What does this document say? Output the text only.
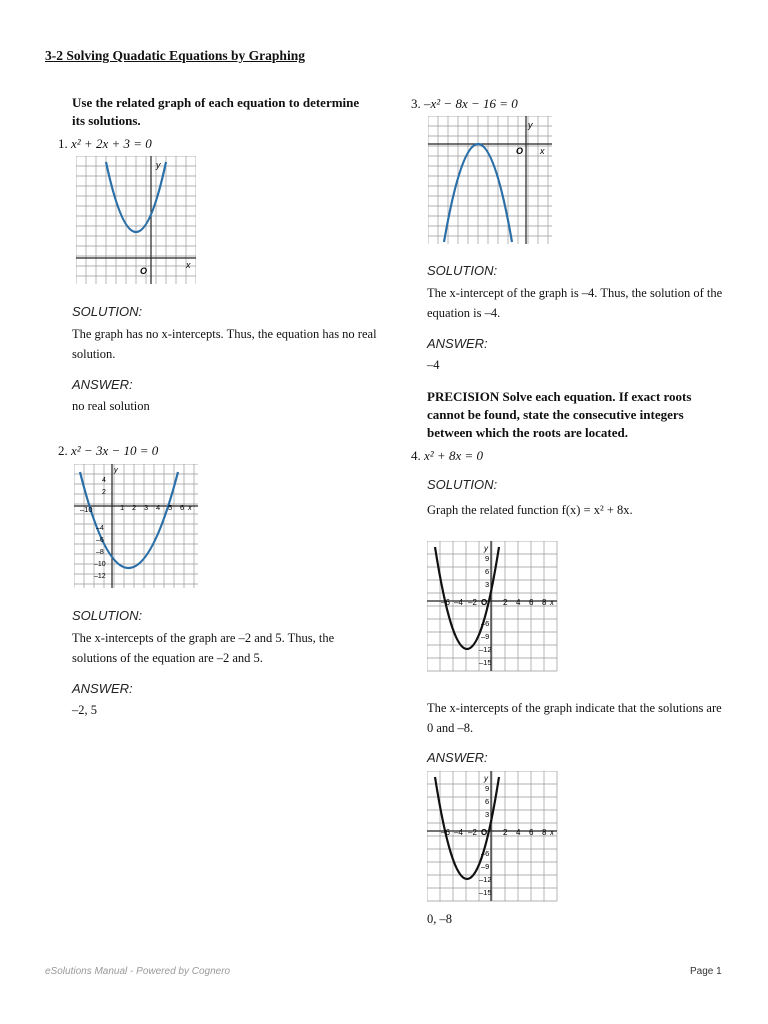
3-2 Solving Quadatic Equations by Graphing
Use the related graph of each equation to determine its solutions.
1. x² + 2x + 3 = 0
O
x
y
SOLUTION:
The graph has no x-intercepts. Thus, the equation has no real solution.
ANSWER:
no real solution
2. x² − 3x − 10 = 0
–10	1 2 3 4 5 6 x
y
4
2
–4
–6
–8
–10
–12
SOLUTION:
The x-intercepts of the graph are –2 and 5. Thus, the solutions of the equation are –2 and 5.
ANSWER:
–2, 5
3. –x² − 8x − 16 = 0
O x
y
SOLUTION:
The x-intercept of the graph is –4. Thus, the solution of the equation is –4.
ANSWER:
–4
PRECISION Solve each equation. If exact roots cannot be found, state the consecutive integers between which the roots are located.
4. x² + 8x = 0
SOLUTION:
Graph the related function f(x) = x² + 8x.
–6 –4 –2 O 2 4 6 8 x
y
9
6
3
–6
–9
–12
–15
The x-intercepts of the graph indicate that the solutions are 0 and –8.
ANSWER:
–6 –4 –2 O 2 4 6 8 x
y
9
6
3
–6
–9
–12
–15
0, –8
eSolutions Manual - Powered by Cognero	Page 1
